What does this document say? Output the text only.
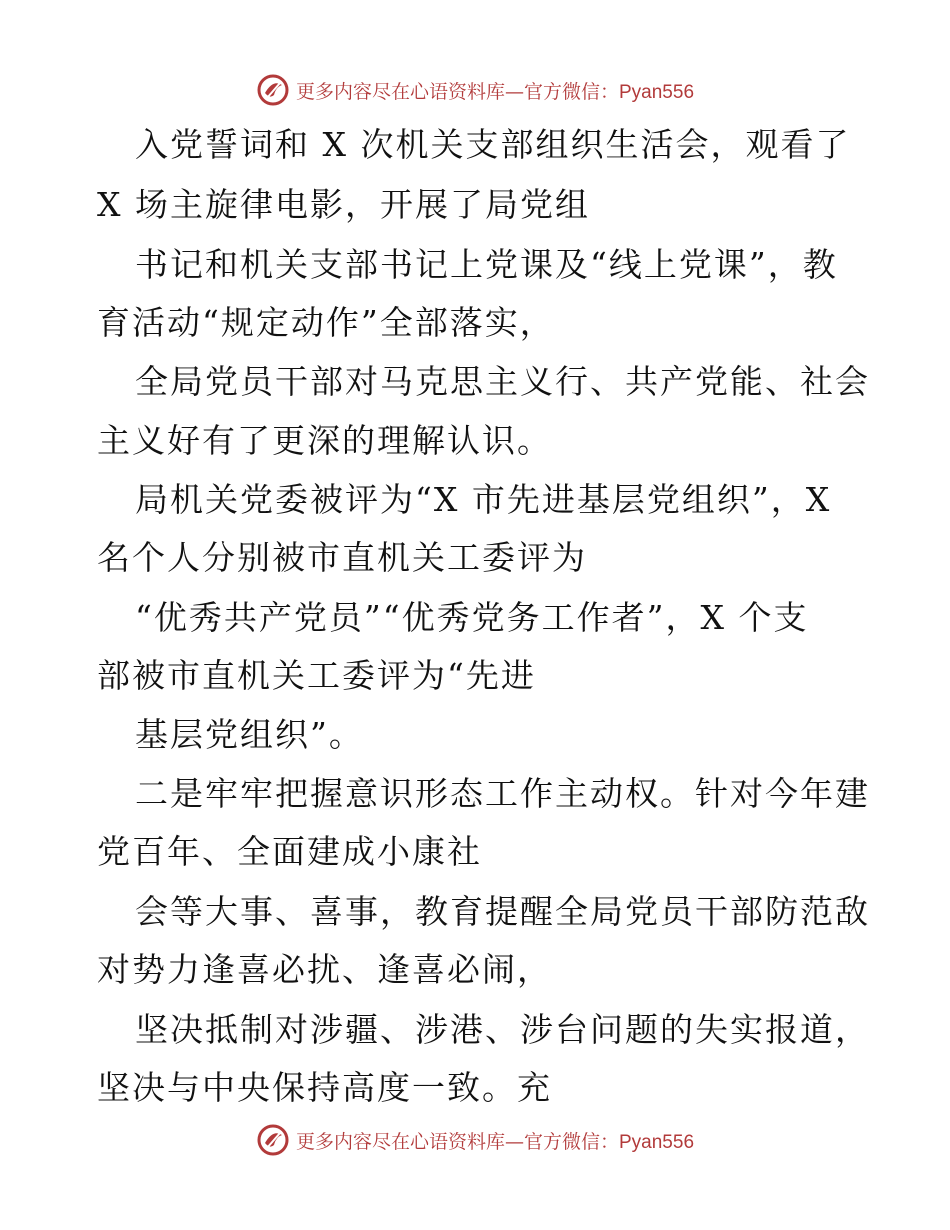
更多内容尽在心语资料库—官方微信：Pyan556
入党誓词和 X 次机关支部组织生活会，观看了
X 场主旋律电影，开展了局党组
书记和机关支部书记上党课及“线上党课”，教
育活动“规定动作”全部落实，
全局党员干部对马克思主义行、共产党能、社会
主义好有了更深的理解认识。
局机关党委被评为“X 市先进基层党组织”，X
名个人分别被市直机关工委评为
“优秀共产党员”“优秀党务工作者”，X 个支
部被市直机关工委评为“先进
基层党组织”。
二是牢牢把握意识形态工作主动权。针对今年建
党百年、全面建成小康社
会等大事、喜事，教育提醒全局党员干部防范敌
对势力逢喜必扰、逢喜必闹，
坚决抵制对涉疆、涉港、涉台问题的失实报道，
坚决与中央保持高度一致。充
更多内容尽在心语资料库—官方微信：Pyan556
